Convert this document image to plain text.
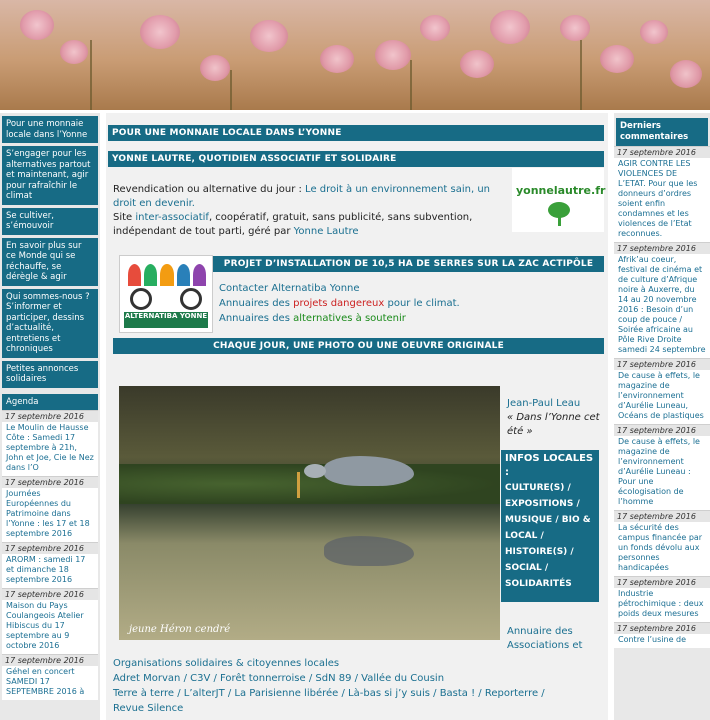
Pour une monnaie locale dans l’Yonne
S’engager pour les alternatives partout et maintenant, agir pour rafraîchir le climat
Se cultiver, s’émouvoir
En savoir plus sur ce Monde qui se réchauffe, se dérègle & agir
Qui sommes-nous ? S’informer et participer, dessins d’actualité, entretiens et chroniques
Petites annonces solidaires
Agenda
17 septembre 2016
Le Moulin de Hausse Côte : Samedi 17 septembre à 21h, John et Joe, Cie le Nez dans l’O
17 septembre 2016
Journées Européennes du Patrimoine dans l’Yonne : les 17 et 18 septembre 2016
17 septembre 2016
ARORM : samedi 17 et dimanche 18 septembre 2016
17 septembre 2016
Maison du Pays Coulangeois Atelier Hibiscus du 17 septembre au 9 octobre 2016
17 septembre 2016
Géhel en concert SAMEDI 17 SEPTEMBRE 2016 à
POUR UNE MONNAIE LOCALE DANS L’YONNE
YONNE LAUTRE, QUOTIDIEN ASSOCIATIF ET SOLIDAIRE
Revendication ou alternative du jour : Le droit à un environnement sain, un droit en devenir.
Site inter-associatif, coopératif, gratuit, sans publicité, sans subvention, indépendant de tout parti, géré par Yonne Lautre
yonnelautre.fr
ALTERNATIBA YONNE
PROJET D’INSTALLATION DE 10,5 HA DE SERRES SUR LA ZAC ACTIPÔLE
Contacter Alternatiba Yonne
Annuaires des projets dangereux pour le climat.
Annuaires des alternatives à soutenir
CHAQUE JOUR, UNE PHOTO OU UNE OEUVRE ORIGINALE
jeune Héron cendré
Jean-Paul Leau
« Dans l’Yonne cet été »
INFOS LOCALES :
CULTURE(S) / EXPOSITIONS / MUSIQUE / BIO & LOCAL / HISTOIRE(S) / SOCIAL / SOLIDARITÉS
Annuaire des Associations et
Organisations solidaires & citoyennes locales
Adret Morvan / C3V / Forêt tonnerroise / SdN 89 / Vallée du Cousin
Terre à terre / L’alterJT / La Parisienne libérée / Là-bas si j’y suis / Basta ! / Reporterre /
Revue Silence
Derniers commentaires
17 septembre 2016
AGIR CONTRE LES VIOLENCES DE L’ETAT. Pour que les donneurs d’ordres soient enfin condamnes et les violences de l’Etat reconnues.
17 septembre 2016
Afrik’au coeur, festival de cinéma et de culture d’Afrique noire à Auxerre, du 14 au 20 novembre 2016 : Besoin d’un coup de pouce / Soirée africaine au Pôle Rive Droite samedi 24 septembre
17 septembre 2016
De cause à effets, le magazine de l’environnement d’Aurélie Luneau, Océans de plastiques
17 septembre 2016
De cause à effets, le magazine de l’environnement d’Aurélie Luneau : Pour une écologisation de l’homme
17 septembre 2016
La sécurité des campus financée par un fonds dévolu aux personnes handicapées
17 septembre 2016
Industrie pétrochimique : deux poids deux mesures
17 septembre 2016
Contre l’usine de
